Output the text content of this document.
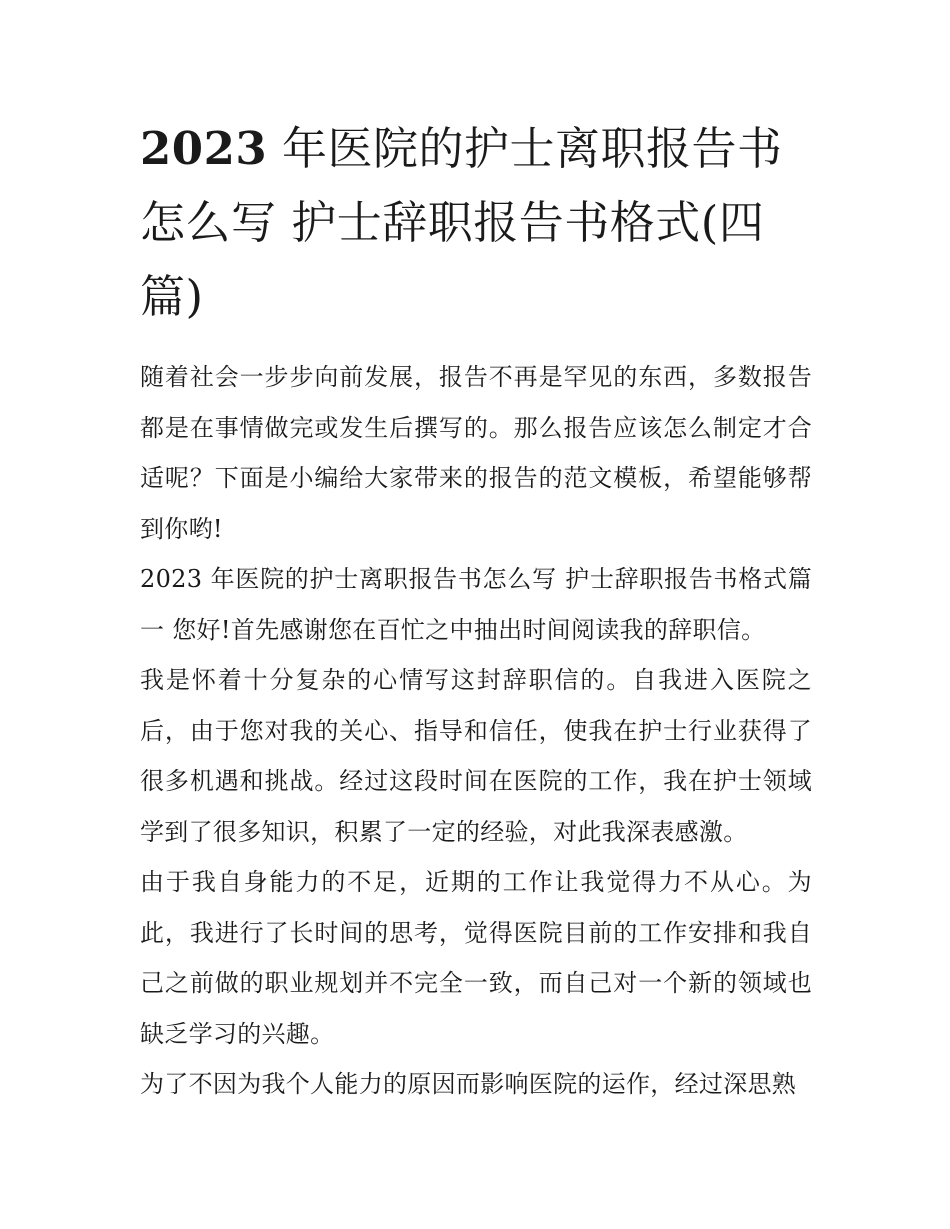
2023 年医院的护士离职报告书怎么写 护士辞职报告书格式(四篇)

随着社会一步步向前发展，报告不再是罕见的东西，多数报告都是在事情做完或发生后撰写的。那么报告应该怎么制定才合适呢？下面是小编给大家带来的报告的范文模板，希望能够帮到你哟!

2023 年医院的护士离职报告书怎么写 护士辞职报告书格式篇一 您好!首先感谢您在百忙之中抽出时间阅读我的辞职信。

我是怀着十分复杂的心情写这封辞职信的。自我进入医院之后，由于您对我的关心、指导和信任，使我在护士行业获得了很多机遇和挑战。经过这段时间在医院的工作，我在护士领域学到了很多知识，积累了一定的经验，对此我深表感激。

由于我自身能力的不足，近期的工作让我觉得力不从心。为此，我进行了长时间的思考，觉得医院目前的工作安排和我自己之前做的职业规划并不完全一致，而自己对一个新的领域也缺乏学习的兴趣。

为了不因为我个人能力的原因而影响医院的运作，经过深思熟
